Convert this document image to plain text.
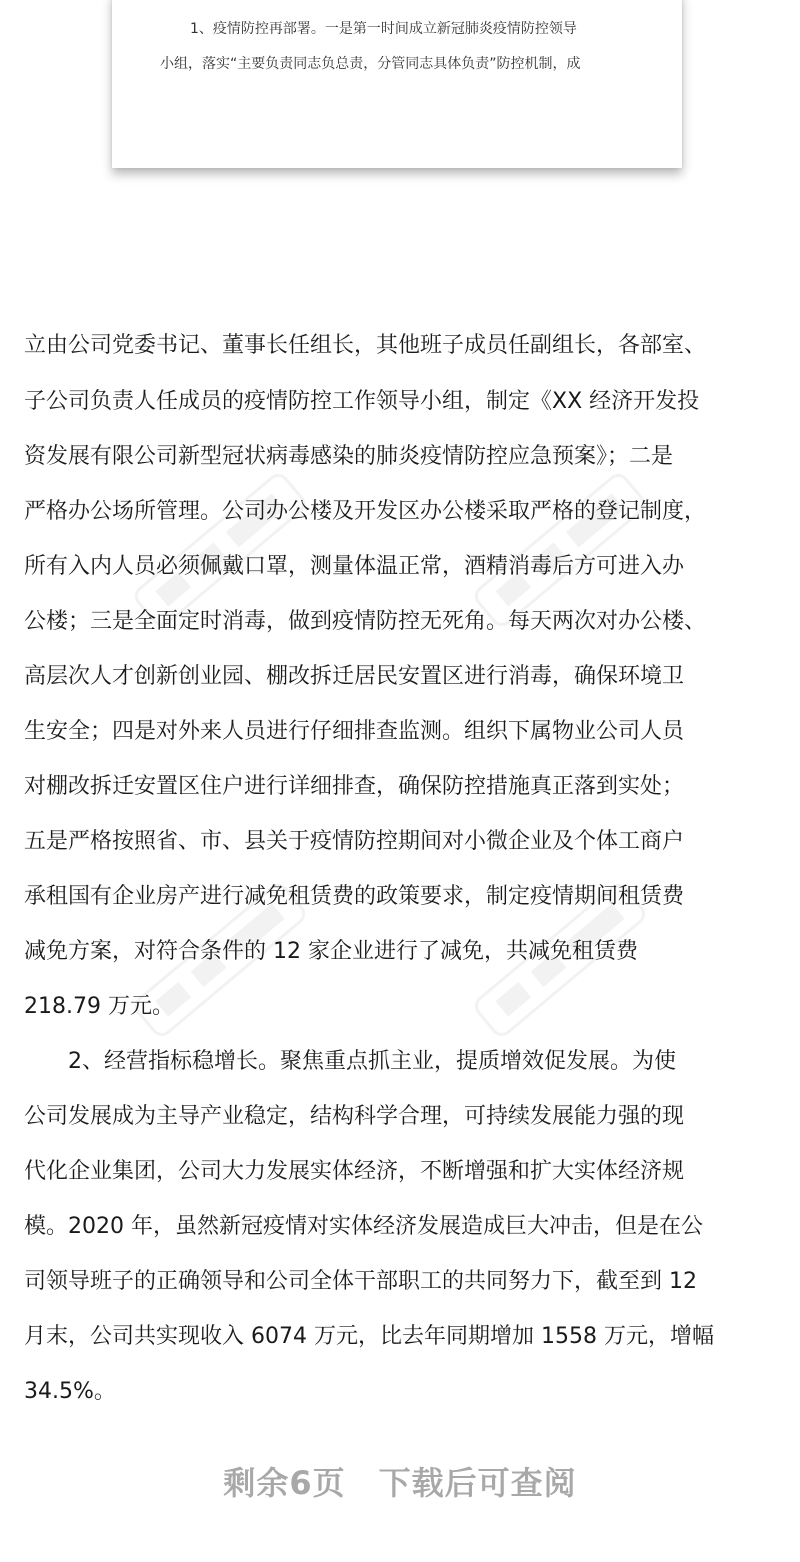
1、疫情防控再部署。一是第一时间成立新冠肺炎疫情防控领导
小组，落实“主要负责同志负总责，分管同志具体负责”防控机制，成
立由公司党委书记、董事长任组长，其他班子成员任副组长，各部室、
子公司负责人任成员的疫情防控工作领导小组，制定《XX 经济开发投
资发展有限公司新型冠状病毒感染的肺炎疫情防控应急预案》；二是
严格办公场所管理。公司办公楼及开发区办公楼采取严格的登记制度，
所有入内人员必须佩戴口罩，测量体温正常，酒精消毒后方可进入办
公楼；三是全面定时消毒，做到疫情防控无死角。每天两次对办公楼、
高层次人才创新创业园、棚改拆迁居民安置区进行消毒，确保环境卫
生安全；四是对外来人员进行仔细排查监测。组织下属物业公司人员
对棚改拆迁安置区住户进行详细排查，确保防控措施真正落到实处；
五是严格按照省、市、县关于疫情防控期间对小微企业及个体工商户
承租国有企业房产进行减免租赁费的政策要求，制定疫情期间租赁费
减免方案，对符合条件的 12 家企业进行了减免，共减免租赁费
218.79 万元。
　　2、经营指标稳增长。聚焦重点抓主业，提质增效促发展。为使
公司发展成为主导产业稳定，结构科学合理，可持续发展能力强的现
代化企业集团，公司大力发展实体经济，不断增强和扩大实体经济规
模。2020 年，虽然新冠疫情对实体经济发展造成巨大冲击，但是在公
司领导班子的正确领导和公司全体干部职工的共同努力下，截至到 12
月末，公司共实现收入 6074 万元，比去年同期增加 1558 万元，增幅
34.5%。
剩余6页　下载后可查阅
